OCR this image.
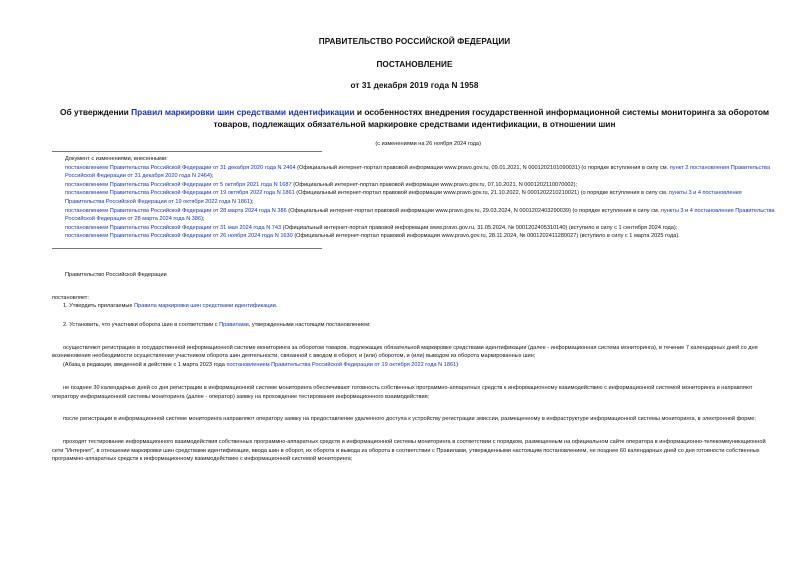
ПРАВИТЕЛЬСТВО РОССИЙСКОЙ ФЕДЕРАЦИИ
ПОСТАНОВЛЕНИЕ
от 31 декабря 2019 года N 1958
Об утверждении Правил маркировки шин средствами идентификации и особенностях внедрения государственной информационной системы мониторинга за оборотом товаров, подлежащих обязательной маркировке средствами идентификации, в отношении шин
(с изменениями на 26 ноября 2024 года)

Документ с изменениями, внесенными:

постановлением Правительства Российской Федерации от 31 декабря 2020 года N 2464 (Официальный интернет-портал правовой информации www.pravo.gov.ru, 09.01.2021, N 0001202101090031) (о порядке вступления в силу см. пункт 2 постановления Правительства Российской Федерации от 31 декабря 2020 года N 2464);

постановлением Правительства Российской Федерации от 5 октября 2021 года N 1687 (Официальный интернет-портал правовой информации www.pravo.gov.ru, 07.10.2021, N 0001202110070002);

постановлением Правительства Российской Федерации от 19 октября 2022 года N 1861 (Официальный интернет-портал правовой информации www.pravo.gov.ru, 21.10.2022, N 0001202210210021) (о порядке вступления в силу см. пункты 3 и 4 постановления Правительства Российской Федерации от 19 октября 2022 года N 1861);

постановлением Правительства Российской Федерации от 28 марта 2024 года N 386 (Официальный интернет-портал правовой информации www.pravo.gov.ru, 29.03.2024, N 0001202403290039) (о порядке вступления в силу см. пункты 3 и 4 постановления Правительства Российской Федерации от 28 марта 2024 года N 386);

постановлением Правительства Российской Федерации от 31 мая 2024 года N 743 (Официальный интернет-портал правовой информации www.pravo.gov.ru, 31.05.2024, № 0001202405310140) (вступило в силу с 1 сентября 2024 года);

постановлением Правительства Российской Федерации от 26 ноября 2024 года N 1630 (Официальный интернет-портал правовой информации www.pravo.gov.ru, 28.11.2024, № 0001202411280027) (вступило в силу с 1 марта 2025 года).

Правительство Российской Федерации

постановляет:

1. Утвердить прилагаемые Правила маркировки шин средствами идентификации.

2. Установить, что участники оборота шин в соответствии с Правилами, утвержденными настоящим постановлением:

осуществляют регистрацию в государственной информационной системе мониторинга за оборотом товаров, подлежащих обязательной маркировке средствами идентификации (далее - информационная система мониторинга), в течение 7 календарных дней со дня возникновения необходимости осуществления участником оборота шин деятельности, связанной с вводом в оборот, и (или) оборотом, и (или) выводом из оборота маркированных шин;

(Абзац в редакции, введенной в действие с 1 марта 2023 года постановлением Правительства Российской Федерации от 19 октября 2022 года N 1861)

не позднее 30 календарных дней со дня регистрации в информационной системе мониторинга обеспечивают готовность собственных программно-аппаратных средств к информационному взаимодействию с информационной системой мониторинга и направляют оператору информационной системы мониторинга (далее - оператор) заявку на прохождение тестирования информационного взаимодействия;

после регистрации в информационной системе мониторинга направляют оператору заявку на предоставление удаленного доступа к устройству регистрации эмиссии, размещенному в инфраструктуре информационной системы мониторинга, в электронной форме;

проходят тестирование информационного взаимодействия собственных программно-аппаратных средств и информационной системы мониторинга в соответствии с порядком, размещенным на официальном сайте оператора в информационно-телекоммуникационной сети "Интернет", в отношении маркировки шин средствами идентификации, ввода шин в оборот, их оборота и вывода из оборота в соответствии с Правилами, утвержденными настоящим постановлением, не позднее 60 календарных дней со дня готовности собственных программно-аппаратных средств к информационному взаимодействию с информационной системой мониторинга;
